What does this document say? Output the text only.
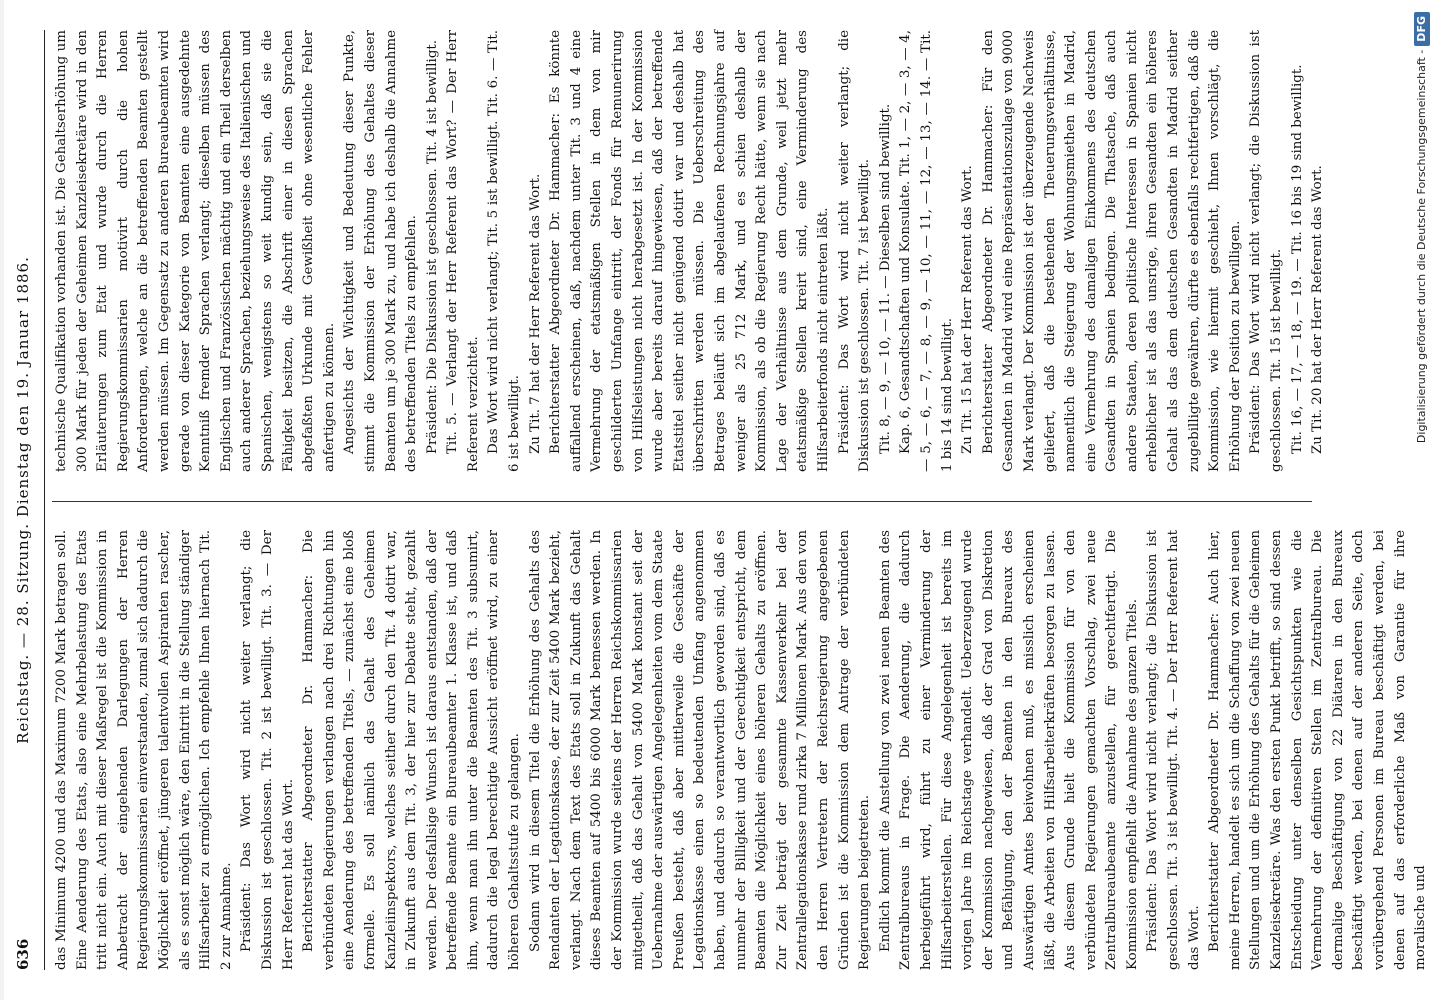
636
Reichstag. — 28. Sitzung. Dienstag den 19. Januar 1886.

das Minimum 4200 und das Maximum 7200 Mark betragen soll. Eine Aenderung des Etats, also eine Mehrbelastung des Etats tritt nicht ein. Auch mit dieser Maßregel ist die Kommission in Anbetracht der eingehenden Darlegungen der Herren Regierungskommissarien einverstanden, zumal sich dadurch die Möglichkeit eröffnet, jüngeren talentvollen Aspiranten rascher, als es sonst möglich wäre, den Eintritt in die Stellung ständiger Hilfsarbeiter zu ermöglichen. Ich empfehle Ihnen hiernach Tit. 2 zur Annahme. Präsident: Das Wort wird nicht weiter verlangt; die Diskussion ist geschlossen. Tit. 2 ist bewilligt. Tit. 3. — Der Herr Referent hat das Wort. Berichterstatter Abgeordneter Dr. Hammacher: Die verbündeten Regierungen verlangen nach drei Richtungen hin eine Aenderung des betreffenden Titels, — zunächst eine bloß formelle. Es soll nämlich das Gehalt des Geheimen Kanzleiinspektors, welches seither durch den Tit. 4 dotirt war, in Zukunft aus dem Tit. 3, der hier zur Debatte steht, gezahlt werden. Der desfallsige Wunsch ist daraus entstanden, daß der betreffende Beamte ein Bureaubeamter 1. Klasse ist, und daß ihm, wenn man ihn unter die Beamten des Tit. 3 subsumirt, dadurch die legal berechtigte Aussicht eröffnet wird, zu einer höheren Gehaltsstufe zu gelangen. Sodann wird in diesem Titel die Erhöhung des Gehalts des Rendanten der Legationskasse, der zur Zeit 5400 Mark bezieht, verlangt. Nach dem Text des Etats soll in Zukunft das Gehalt dieses Beamten auf 5400 bis 6000 Mark bemessen werden. In der Kommission wurde seitens der Herren Reichskommissarien mitgetheilt, daß das Gehalt von 5400 Mark konstant seit der Uebernahme der auswärtigen Angelegenheiten vom dem Staate Preußen besteht, daß aber mittlerweile die Geschäfte der Legationskasse einen so bedeutenden Umfang angenommen haben, und dadurch so verantwortlich geworden sind, daß es nunmehr der Billigkeit und der Gerechtigkeit entspricht, dem Beamten die Möglichkeit eines höheren Gehalts zu eröffnen. Zur Zeit beträgt der gesammte Kassenverkehr bei der Zentrallegationskasse rund zirka 7 Millionen Mark. Aus den von den Herren Vertretern der Reichsregierung angegebenen Gründen ist die Kommission dem Antrage der verbündeten Regierungen beigetreten. Endlich kommt die Anstellung von zwei neuen Beamten des Zentralbureaus in Frage. Die Aenderung, die dadurch herbeigeführt wird, führt zu einer Verminderung der Hilfsarbeiterstellen. Für diese Angelegenheit ist bereits im vorigen Jahre im Reichstage verhandelt. Ueberzeugend wurde der Kommission nachgewiesen, daß der Grad von Diskretion und Befähigung, den der Beamten in den Bureaux des Auswärtigen Amtes beiwohnen muß, es misslich erscheinen läßt, die Arbeiten von Hilfsarbeiterkräften besorgen zu lassen. Aus diesem Grunde hielt die Kommission für von den verbündeten Regierungen gemachten Vorschlag, zwei neue Zentralbureaubeamte anzustellen, für gerechtfertigt. Die Kommission empfiehlt die Annahme des ganzen Titels. Präsident: Das Wort wird nicht verlangt; die Diskussion ist geschlossen. Tit. 3 ist bewilligt. Tit. 4. — Der Herr Referent hat das Wort. Berichterstatter Abgeordneter Dr. Hammacher: Auch hier, meine Herren, handelt es sich um die Schaffung von zwei neuen Stellungen und um die Erhöhung des Gehalts für die Geheimen Kanzleisekretäre. Was den ersten Punkt betrifft, so sind dessen Entscheidung unter denselben Gesichtspunkten wie die Vermehrung der definitiven Stellen im Zentralbureau. Die dermalige Beschäftigung von 22 Diätaren in den Bureaux beschäftigt werden, bei denen auf der anderen Seite, doch vorübergehend Personen im Bureau beschäftigt werden, bei denen auf das erforderliche Maß von Garantie für ihre moralische und

technische Qualifikation vorhanden ist. Die Gehaltserhöhung um 300 Mark für jeden der Geheimen Kanzleisekretäre wird in den Erläuterungen zum Etat und wurde durch die Herren Regierungskommissarien motivirt durch die hohen Anforderungen, welche an die betreffenden Beamten gestellt werden müssen. Im Gegensatz zu anderen Bureaubeamten wird gerade von dieser Kategorie von Beamten eine ausgedehnte Kenntniß fremder Sprachen verlangt; dieselben müssen des Englischen und Französischen mächtig und ein Theil derselben auch anderer Sprachen, beziehungsweise des Italienischen und Spanischen, wenigstens so weit kundig sein, daß sie die Fähigkeit besitzen, die Abschrift einer in diesen Sprachen abgefaßten Urkunde mit Gewißheit ohne wesentliche Fehler anfertigen zu können. Angesichts der Wichtigkeit und Bedeutung dieser Punkte, stimmt die Kommission der Erhöhung des Gehaltes dieser Beamten um je 300 Mark zu, und habe ich deshalb die Annahme des betreffenden Titels zu empfehlen. Präsident: Die Diskussion ist geschlossen. Tit. 4 ist bewilligt. Tit. 5. — Verlangt der Herr Referent das Wort? — Der Herr Referent verzichtet. Das Wort wird nicht verlangt; Tit. 5 ist bewilligt. Tit. 6. — Tit. 6 ist bewilligt. Zu Tit. 7 hat der Herr Referent das Wort. Berichterstatter Abgeordneter Dr. Hammacher: Es könnte auffallend erscheinen, daß, nachdem unter Tit. 3 und 4 eine Vermehrung der etatsmäßigen Stellen in dem von mir geschilderten Umfange eintritt, der Fonds für Remunerirung von Hilfsleistungen nicht herabgesetzt ist. In der Kommission wurde aber bereits darauf hingewiesen, daß der betreffende Etatstitel seither nicht genügend dotirt war und deshalb hat überschritten werden müssen. Die Ueberschreitung des Betrages beläuft sich im abgelaufenen Rechnungsjahre auf weniger als 25 712 Mark, und es schien deshalb der Kommission, als ob die Regierung Recht hätte, wenn sie nach Lage der Verhältnisse aus dem Grunde, weil jetzt mehr etatsmäßige Stellen kreirt sind, eine Verminderung des Hilfsarbeiterfonds nicht eintreten läßt. Präsident: Das Wort wird nicht weiter verlangt; die Diskussion ist geschlossen. Tit. 7 ist bewilligt. Tit. 8, — 9, — 10, — 11. — Dieselben sind bewilligt. Kap. 6, Gesandtschaften und Konsulate. Tit. 1, — 2, — 3, — 4, — 5, — 6, — 7, — 8, — 9, — 10, — 11, — 12, — 13, — 14. — Tit. 1 bis 14 sind bewilligt. Zu Tit. 15 hat der Herr Referent das Wort. Berichterstatter Abgeordneter Dr. Hammacher: Für den Gesandten in Madrid wird eine Repräsentationszulage von 9000 Mark verlangt. Der Kommission ist der überzeugende Nachweis geliefert, daß die bestehenden Theuerungsverhältnisse, namentlich die Steigerung der Wohnungsmiethen in Madrid, eine Vermehrung des damaligen Einkommens des deutschen Gesandten in Spanien bedingen. Die Thatsache, daß auch andere Staaten, deren politische Interessen in Spanien nicht erheblicher ist als das unsrige, ihren Gesandten ein höheres Gehalt als das dem deutschen Gesandten in Madrid seither zugebilligte gewähren, dürfte es ebenfalls rechtfertigen, daß die Kommission, wie hiermit geschieht, Ihnen vorschlägt, die Erhöhung der Position zu bewilligen. Präsident: Das Wort wird nicht verlangt; die Diskussion ist geschlossen. Tit. 15 ist bewilligt. Tit. 16, — 17, — 18, — 19. — Tit. 16 bis 19 sind bewilligt. Zu Tit. 20 hat der Herr Referent das Wort.	Digitalisierung gefördert durch die Deutsche Forschungsgemeinschaft -DFG
